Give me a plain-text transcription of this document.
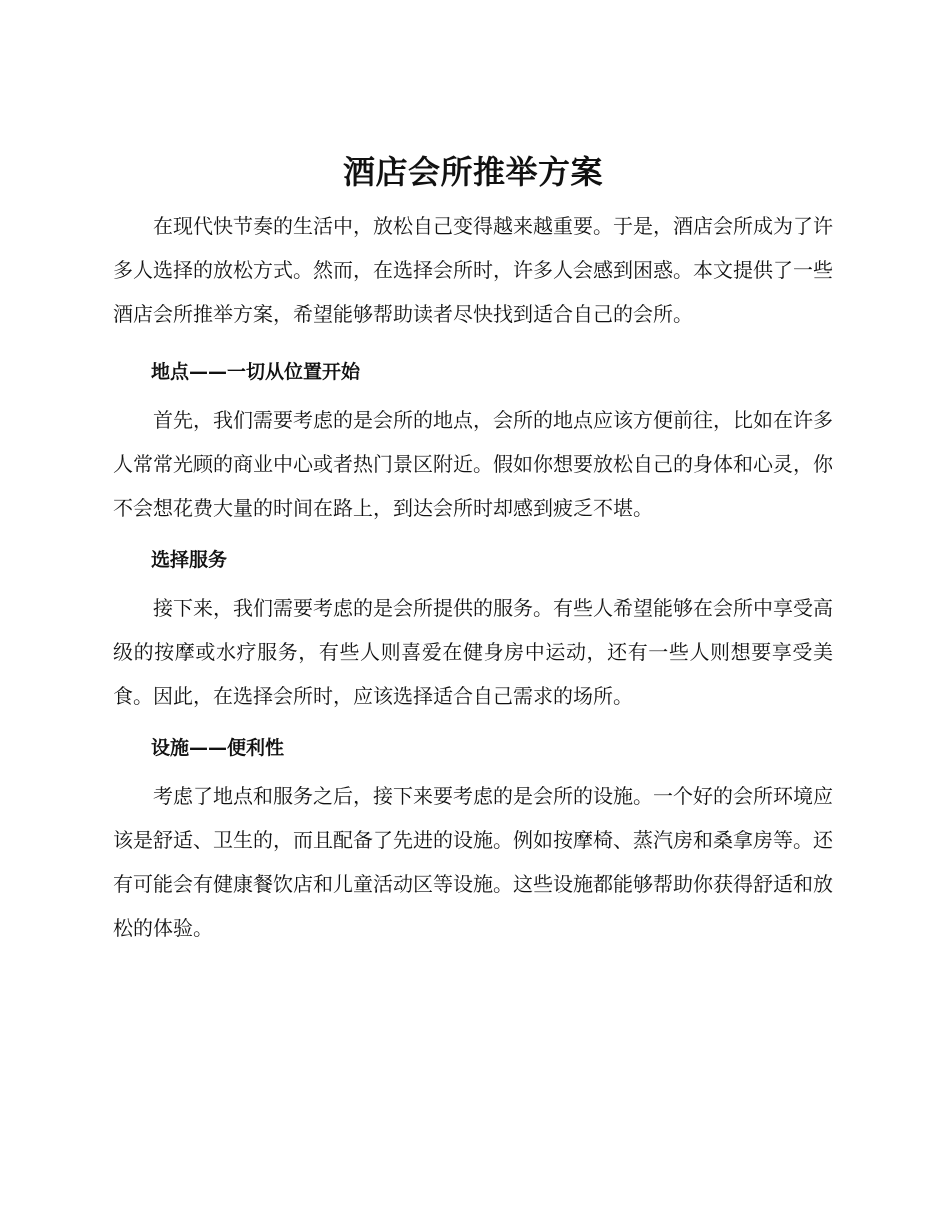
酒店会所推举方案

在现代快节奏的生活中，放松自己变得越来越重要。于是，酒店会所成为了许多人选择的放松方式。然而，在选择会所时，许多人会感到困惑。本文提供了一些酒店会所推举方案，希望能够帮助读者尽快找到适合自己的会所。

地点——一切从位置开始

首先，我们需要考虑的是会所的地点，会所的地点应该方便前往，比如在许多人常常光顾的商业中心或者热门景区附近。假如你想要放松自己的身体和心灵，你不会想花费大量的时间在路上，到达会所时却感到疲乏不堪。

选择服务

接下来，我们需要考虑的是会所提供的服务。有些人希望能够在会所中享受高级的按摩或水疗服务，有些人则喜爱在健身房中运动，还有一些人则想要享受美食。因此，在选择会所时，应该选择适合自己需求的场所。

设施——便利性

考虑了地点和服务之后，接下来要考虑的是会所的设施。一个好的会所环境应该是舒适、卫生的，而且配备了先进的设施。例如按摩椅、蒸汽房和桑拿房等。还有可能会有健康餐饮店和儿童活动区等设施。这些设施都能够帮助你获得舒适和放松的体验。
